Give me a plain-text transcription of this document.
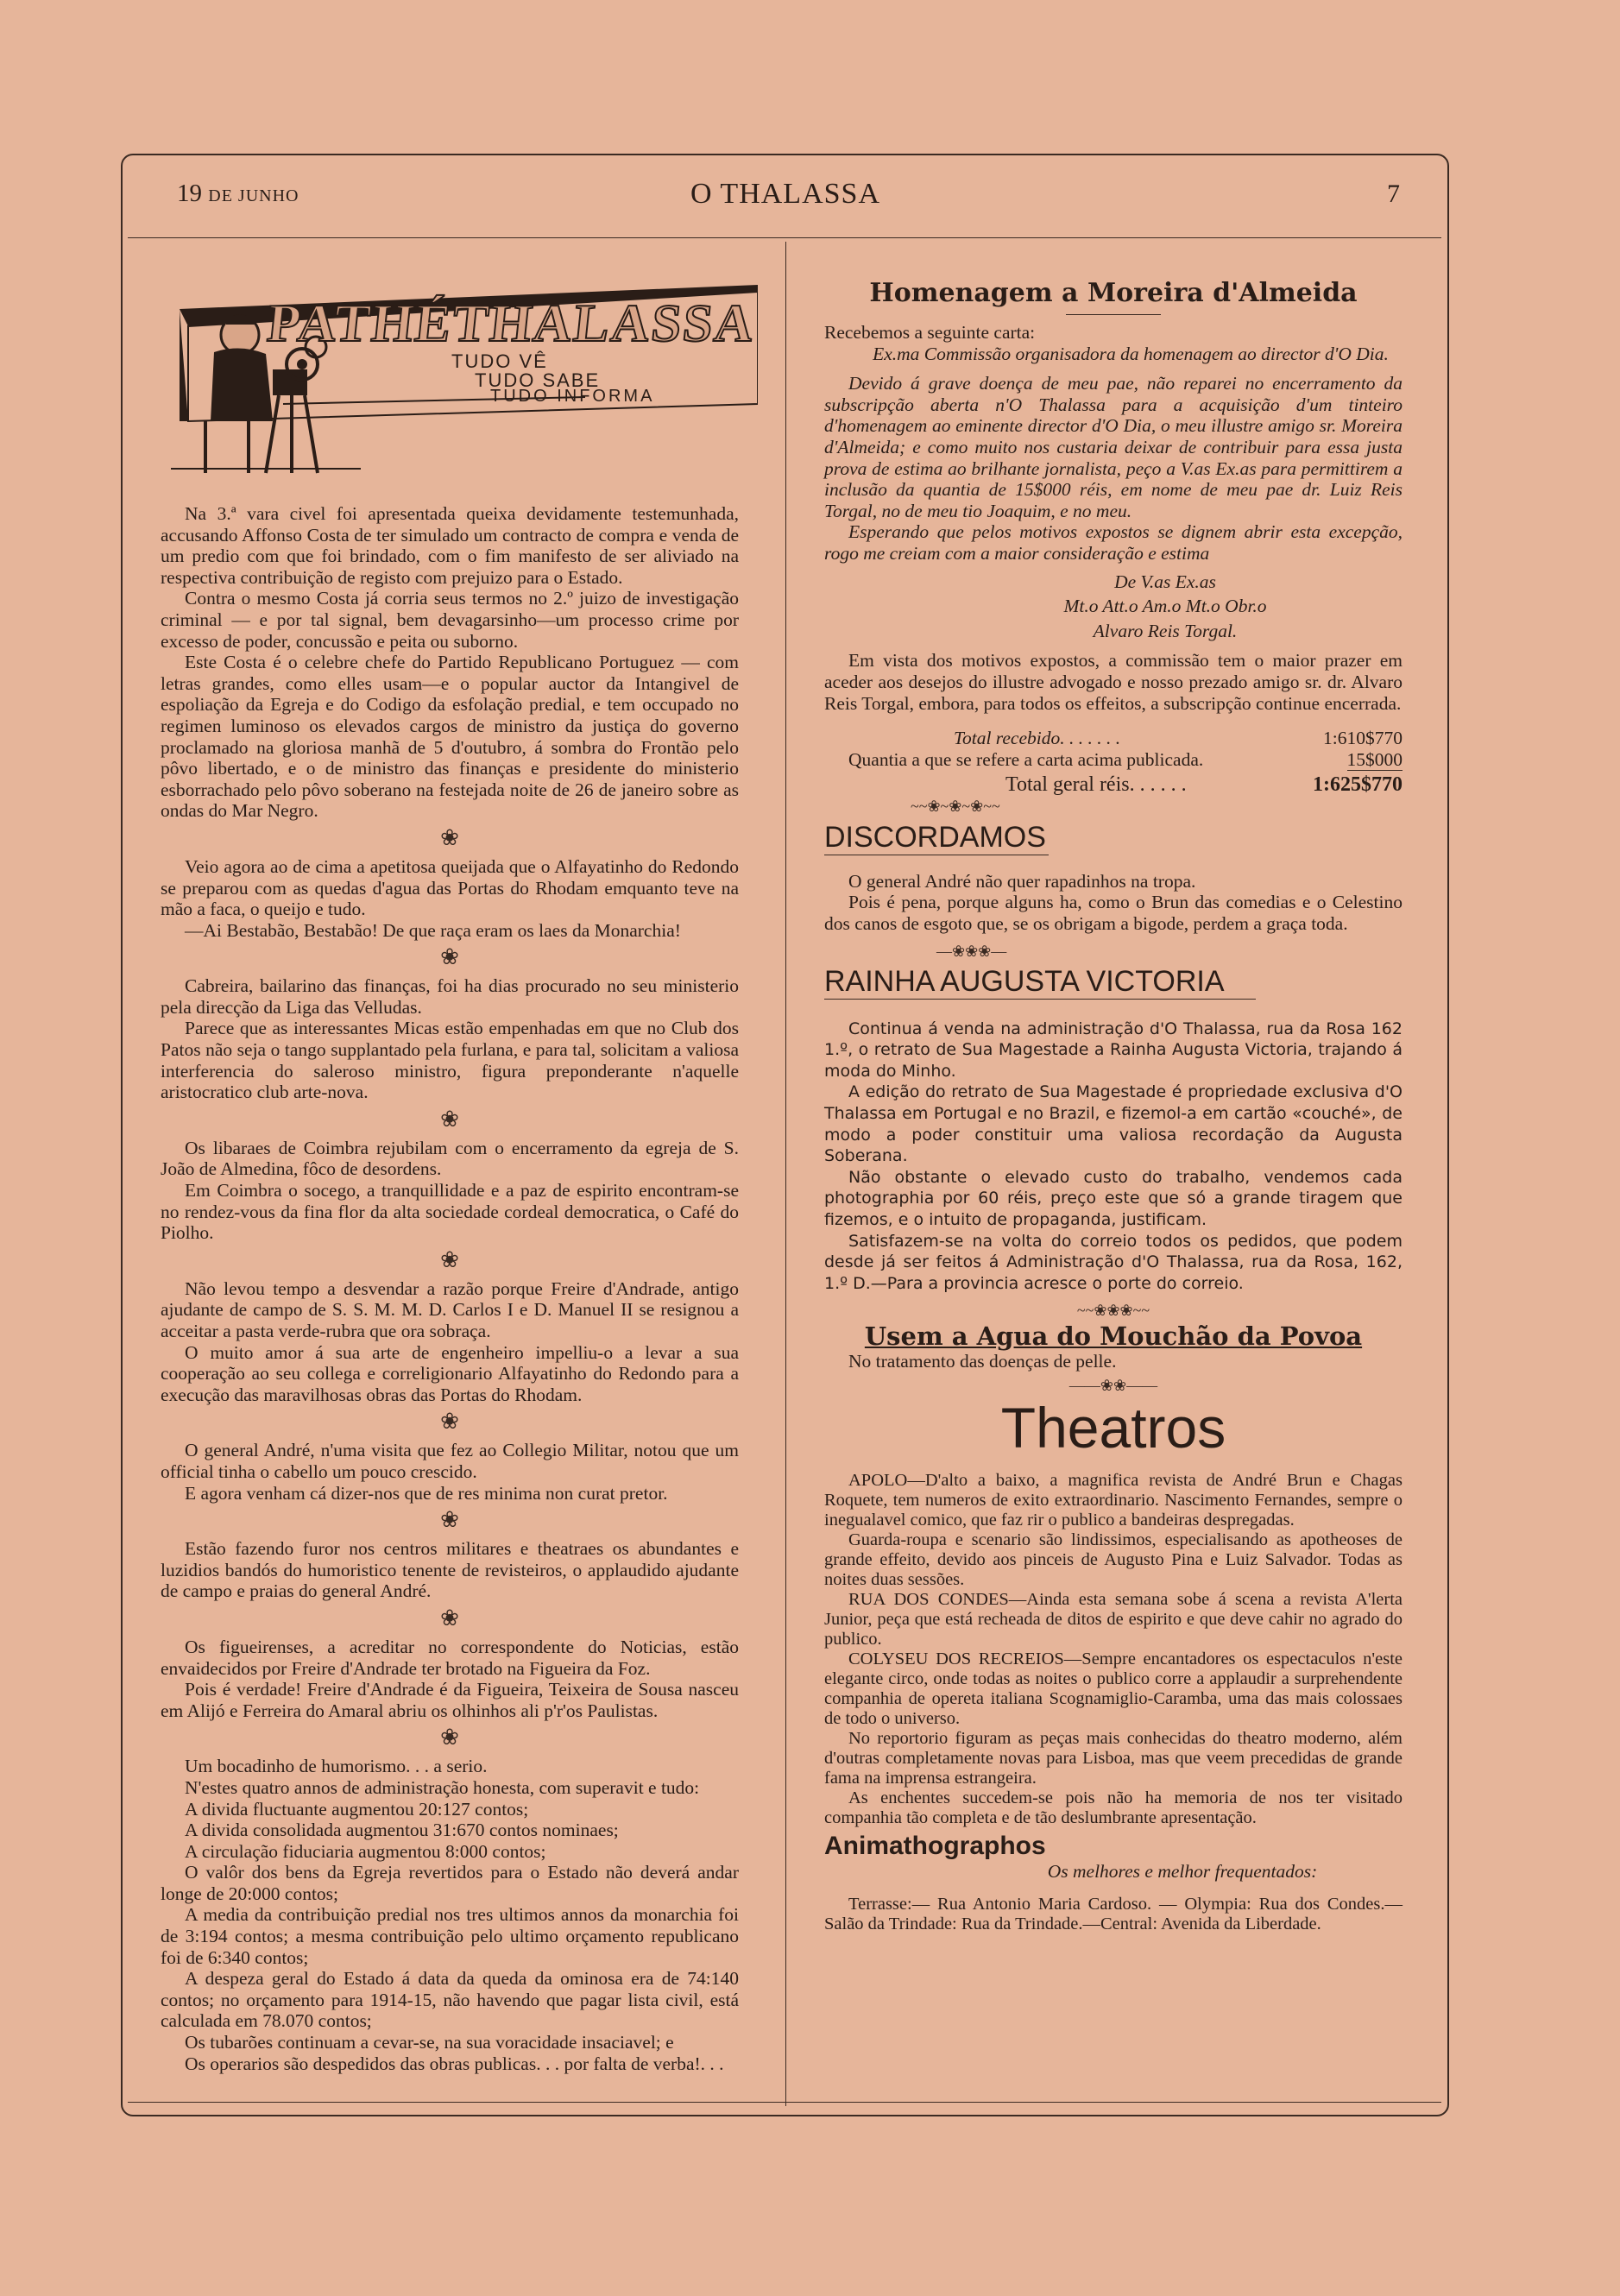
19 DE JUNHO	O THALASSA	7
PATHÉTHALASSA
TUDO VÊ
TUDO SABE
TUDO INFORMA

Na 3.ª vara civel foi apresentada queixa devidamente testemunhada, accusando Affonso Costa de ter simulado um contracto de compra e venda de um predio com que foi brindado, com o fim manifesto de ser aliviado na respectiva contribuição de registo com prejuizo para o Estado.

Contra o mesmo Costa já corria seus termos no 2.º juizo de investigação criminal — e por tal signal, bem devagarsinho—um processo crime por excesso de poder, concussão e peita ou suborno.

Este Costa é o celebre chefe do Partido Republicano Portuguez — com letras grandes, como elles usam—e o popular auctor da Intangivel de espoliação da Egreja e do Codigo da esfolação predial, e tem occupado no regimen luminoso os elevados cargos de ministro da justiça do governo proclamado na gloriosa manhã de 5 d'outubro, á sombra do Frontão pelo pôvo libertado, e o de ministro das finanças e presidente do ministerio esborrachado pelo pôvo soberano na festejada noite de 26 de janeiro sobre as ondas do Mar Negro.

❀

Veio agora ao de cima a apetitosa queijada que o Alfayatinho do Redondo se preparou com as quedas d'agua das Portas do Rhodam emquanto teve na mão a faca, o queijo e tudo.

—Ai Bestabão, Bestabão! De que raça eram os laes da Monarchia!

❀

Cabreira, bailarino das finanças, foi ha dias procurado no seu ministerio pela direcção da Liga das Velludas.

Parece que as interessantes Micas estão empenhadas em que no Club dos Patos não seja o tango supplantado pela furlana, e para tal, solicitam a valiosa interferencia do saleroso ministro, figura preponderante n'aquelle aristocratico club arte-nova.

❀

Os libaraes de Coimbra rejubilam com o encerramento da egreja de S. João de Almedina, fôco de desordens.

Em Coimbra o socego, a tranquillidade e a paz de espirito encontram-se no rendez-vous da fina flor da alta sociedade cordeal democratica, o Café do Piolho.

❀

Não levou tempo a desvendar a razão porque Freire d'Andrade, antigo ajudante de campo de S. S. M. M. D. Carlos I e D. Manuel II se resignou a acceitar a pasta verde-rubra que ora sobraça.

O muito amor á sua arte de engenheiro impelliu-o a levar a sua cooperação ao seu collega e correligionario Alfayatinho do Redondo para a execução das maravilhosas obras das Portas do Rhodam.

❀

O general André, n'uma visita que fez ao Collegio Militar, notou que um official tinha o cabello um pouco crescido.

E agora venham cá dizer-nos que de res minima non curat pretor.

❀

Estão fazendo furor nos centros militares e theatraes os abundantes e luzidios bandós do humoristico tenente de revisteiros, o applaudido ajudante de campo e praias do general André.

❀

Os figueirenses, a acreditar no correspondente do Noticias, estão envaidecidos por Freire d'Andrade ter brotado na Figueira da Foz.

Pois é verdade! Freire d'Andrade é da Figueira, Teixeira de Sousa nasceu em Alijó e Ferreira do Amaral abriu os olhinhos ali p'r'os Paulistas.

❀

Um bocadinho de humorismo. . . a serio.

N'estes quatro annos de administração honesta, com superavit e tudo:

A divida fluctuante augmentou 20:127 contos;

A divida consolidada augmentou 31:670 contos nominaes;

A circulação fiduciaria augmentou 8:000 contos;

O valôr dos bens da Egreja revertidos para o Estado não deverá andar longe de 20:000 contos;

A media da contribuição predial nos tres ultimos annos da monarchia foi de 3:194 contos; a mesma contribuição pelo ultimo orçamento republicano foi de 6:340 contos;

A despeza geral do Estado á data da queda da ominosa era de 74:140 contos; no orçamento para 1914-15, não havendo que pagar lista civil, está calculada em 78.070 contos;

Os tubarões continuam a cevar-se, na sua voracidade insaciavel; e

Os operarios são despedidos das obras publicas. . . por falta de verba!. . .

Homenagem a Moreira d'Almeida

Recebemos a seguinte carta:

Ex.ma Commissão organisadora da homenagem ao director d'O Dia.

Devido á grave doença de meu pae, não reparei no encerramento da subscripção aberta n'O Thalassa para a acquisição d'um tinteiro d'homenagem ao eminente director d'O Dia, o meu illustre amigo sr. Moreira d'Almeida; e como muito nos custaria deixar de contribuir para essa justa prova de estima ao brilhante jornalista, peço a V.as Ex.as para permittirem a inclusão da quantia de 15$000 réis, em nome de meu pae dr. Luiz Reis Torgal, no de meu tio Joaquim, e no meu.

Esperando que pelos motivos expostos se dignem abrir esta excepção, rogo me creiam com a maior consideração e estima

De V.as Ex.as
Mt.o Att.o Am.o Mt.o Obr.o
Alvaro Reis Torgal.

Em vista dos motivos expostos, a commissão tem o maior prazer em aceder aos desejos do illustre advogado e nosso prezado amigo sr. dr. Alvaro Reis Torgal, embora, para todos os effeitos, a subscripção continue encerrada.

Total recebido. . . . . . .	1:610$770
Quantia a que se refere a carta acima publicada.	15$000
Total geral réis. . . . . .	1:625$770
~~❀~❀~❀~~
DISCORDAMOS

O general André não quer rapadinhos na tropa.

Pois é pena, porque alguns ha, como o Brun das comedias e o Celestino dos canos de esgoto que, se os obrigam a bigode, perdem a graça toda.

—❀❀❀—
RAINHA AUGUSTA VICTORIA

Continua á venda na administração d'O Thalassa, rua da Rosa 162 1.º, o retrato de Sua Magestade a Rainha Augusta Victoria, trajando á moda do Minho.

A edição do retrato de Sua Magestade é propriedade exclusiva d'O Thalassa em Portugal e no Brazil, e fizemol-a em cartão «couché», de modo a poder constituir uma valiosa recordação da Augusta Soberana.

Não obstante o elevado custo do trabalho, vendemos cada photographia por 60 réis, preço este que só a grande tiragem que fizemos, e o intuito de propaganda, justificam.

Satisfazem-se na volta do correio todos os pedidos, que podem desde já ser feitos á Administração d'O Thalassa, rua da Rosa, 162, 1.º D.—Para a provincia acresce o porte do correio.

~~❀❀❀~~
Usem a Agua do Mouchão da Povoa

No tratamento das doenças de pelle.

——❀❀——
Theatros

APOLO—D'alto a baixo, a magnifica revista de André Brun e Chagas Roquete, tem numeros de exito extraordinario. Nascimento Fernandes, sempre o inegualavel comico, que faz rir o publico a bandeiras despregadas.

Guarda-roupa e scenario são lindissimos, especialisando as apotheoses de grande effeito, devido aos pinceis de Augusto Pina e Luiz Salvador. Todas as noites duas sessões.

RUA DOS CONDES—Ainda esta semana sobe á scena a revista A'lerta Junior, peça que está recheada de ditos de espirito e que deve cahir no agrado do publico.

COLYSEU DOS RECREIOS—Sempre encantadores os espectaculos n'este elegante circo, onde todas as noites o publico corre a applaudir a surprehendente companhia de opereta italiana Scognamiglio-Caramba, uma das mais colossaes de todo o universo.

No reportorio figuram as peças mais conhecidas do theatro moderno, além d'outras completamente novas para Lisboa, mas que veem precedidas de grande fama na imprensa estrangeira.

As enchentes succedem-se pois não ha memoria de nos ter visitado companhia tão completa e de tão deslumbrante apresentação.

Animathographos
Os melhores e melhor frequentados:

Terrasse:— Rua Antonio Maria Cardoso. — Olympia: Rua dos Condes.—Salão da Trindade: Rua da Trindade.—Central: Avenida da Liberdade.
